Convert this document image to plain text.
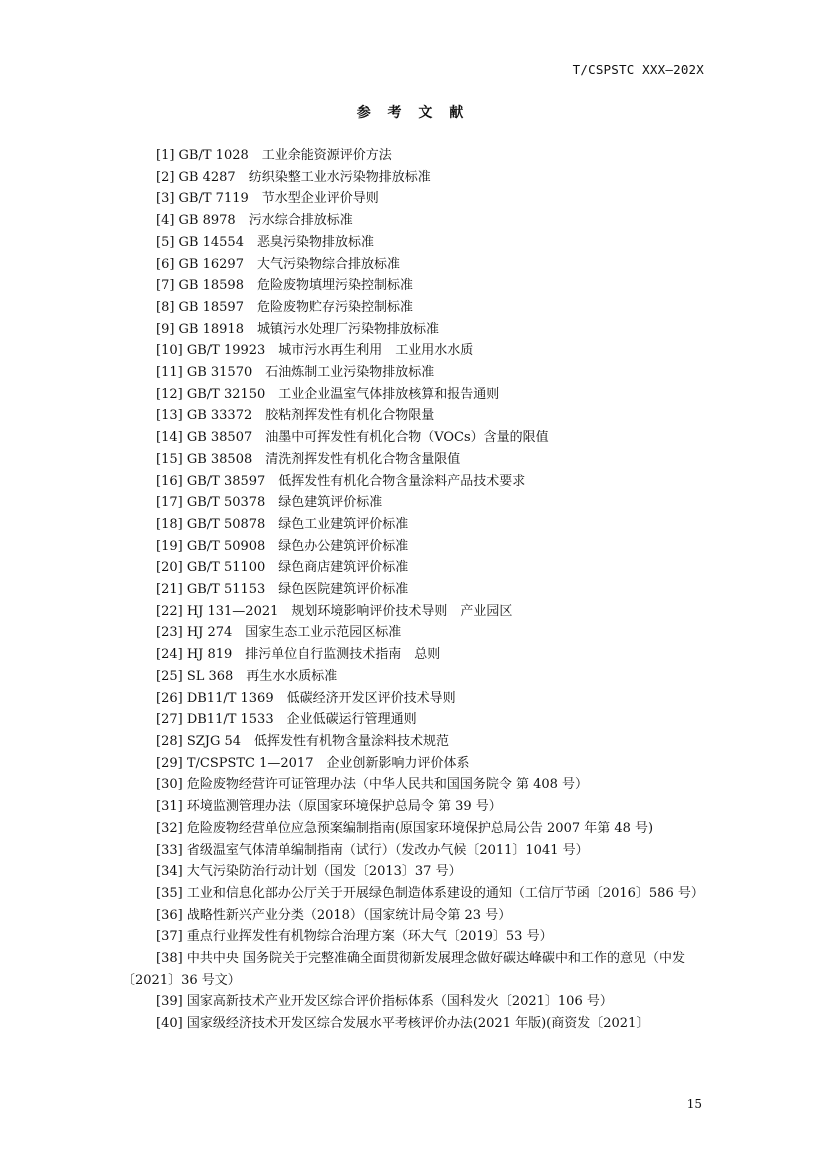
T/CSPSTC XXX—202X
参 考 文 献
[1] GB/T 1028　工业余能资源评价方法
[2] GB 4287　纺织染整工业水污染物排放标准
[3] GB/T 7119　节水型企业评价导则
[4] GB 8978　污水综合排放标准
[5] GB 14554　恶臭污染物排放标准
[6] GB 16297　大气污染物综合排放标准
[7] GB 18598　危险废物填埋污染控制标准
[8] GB 18597　危险废物贮存污染控制标准
[9] GB 18918　城镇污水处理厂污染物排放标准
[10] GB/T 19923　城市污水再生利用　工业用水水质
[11] GB 31570　石油炼制工业污染物排放标准
[12] GB/T 32150　工业企业温室气体排放核算和报告通则
[13] GB 33372　胶粘剂挥发性有机化合物限量
[14] GB 38507　油墨中可挥发性有机化合物（VOCs）含量的限值
[15] GB 38508　清洗剂挥发性有机化合物含量限值
[16] GB/T 38597　低挥发性有机化合物含量涂料产品技术要求
[17] GB/T 50378　绿色建筑评价标准
[18] GB/T 50878　绿色工业建筑评价标准
[19] GB/T 50908　绿色办公建筑评价标准
[20] GB/T 51100　绿色商店建筑评价标准
[21] GB/T 51153　绿色医院建筑评价标准
[22] HJ 131—2021　规划环境影响评价技术导则　产业园区
[23] HJ 274　国家生态工业示范园区标准
[24] HJ 819　排污单位自行监测技术指南　总则
[25] SL 368　再生水水质标准
[26] DB11/T 1369　低碳经济开发区评价技术导则
[27] DB11/T 1533　企业低碳运行管理通则
[28] SZJG 54　低挥发性有机物含量涂料技术规范
[29] T/CSPSTC 1—2017　企业创新影响力评价体系
[30] 危险废物经营许可证管理办法（中华人民共和国国务院令 第 408 号）
[31] 环境监测管理办法（原国家环境保护总局令 第 39 号）
[32] 危险废物经营单位应急预案编制指南(原国家环境保护总局公告 2007 年第 48 号)
[33] 省级温室气体清单编制指南（试行）（发改办气候〔2011〕1041 号）
[34] 大气污染防治行动计划（国发〔2013〕37 号）
[35] 工业和信息化部办公厅关于开展绿色制造体系建设的通知（工信厅节函〔2016〕586 号）
[36] 战略性新兴产业分类（2018）（国家统计局令第 23 号）
[37] 重点行业挥发性有机物综合治理方案（环大气〔2019〕53 号）
[38] 中共中央 国务院关于完整准确全面贯彻新发展理念做好碳达峰碳中和工作的意见（中发〔2021〕36 号文）
[39] 国家高新技术产业开发区综合评价指标体系（国科发火〔2021〕106 号）
[40] 国家级经济技术开发区综合发展水平考核评价办法(2021 年版)(商资发〔2021〕
15
